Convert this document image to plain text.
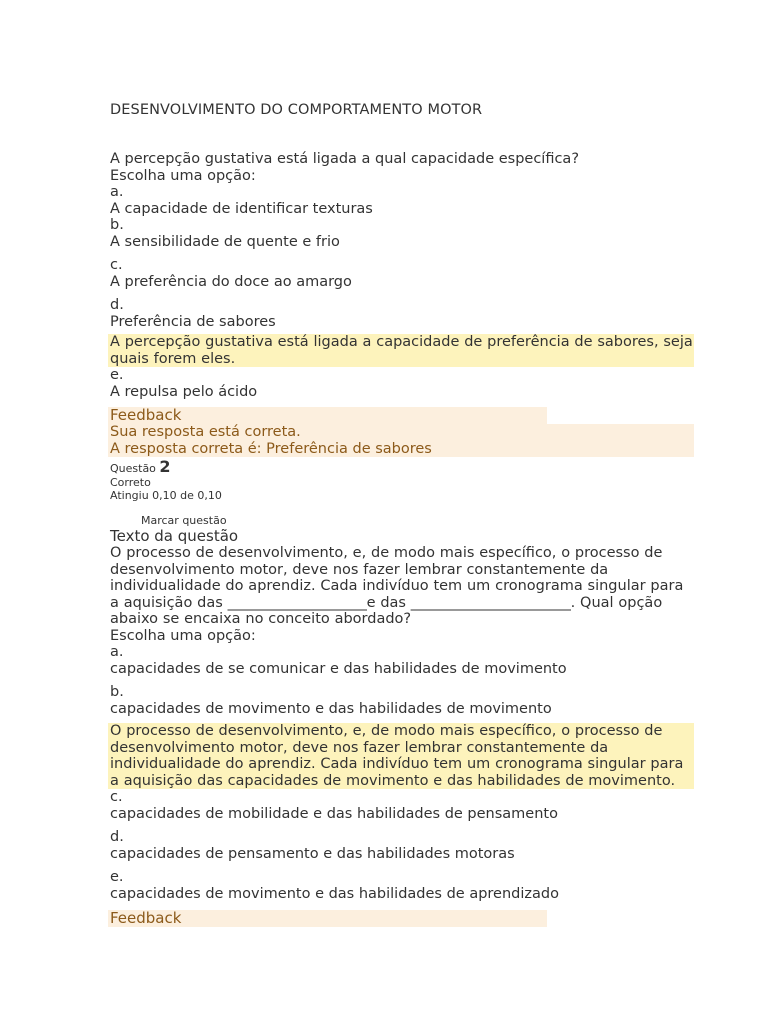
DESENVOLVIMENTO DO COMPORTAMENTO MOTOR
A percepção gustativa está ligada a qual capacidade específica?
Escolha uma opção:
a.
A capacidade de identificar texturas
b.
A sensibilidade de quente e frio
c.
A preferência do doce ao amargo
d.
Preferência de sabores
A percepção gustativa está ligada a capacidade de preferência de sabores, seja quais forem eles.
e.
A repulsa pelo ácido
Feedback
Sua resposta está correta.
A resposta correta é: Preferência de sabores
Questão 2
Correto
Atingiu 0,10 de 0,10
Marcar questão
Texto da questão
O processo de desenvolvimento, e, de modo mais específico, o processo de desenvolvimento motor, deve nos fazer lembrar constantemente da individualidade do aprendiz. Cada indivíduo tem um cronograma singular para a aquisição das ____________________e das _______________________. Qual opção abaixo se encaixa no conceito abordado?
Escolha uma opção:
a.
capacidades de se comunicar e das habilidades de movimento
b.
capacidades de movimento e das habilidades de movimento
O processo de desenvolvimento, e, de modo mais específico, o processo de desenvolvimento motor, deve nos fazer lembrar constantemente da individualidade do aprendiz. Cada indivíduo tem um cronograma singular para a aquisição das capacidades de movimento e das habilidades de movimento.
c.
capacidades de mobilidade e das habilidades de pensamento
d.
capacidades de pensamento e das habilidades motoras
e.
capacidades de movimento e das habilidades de aprendizado
Feedback
